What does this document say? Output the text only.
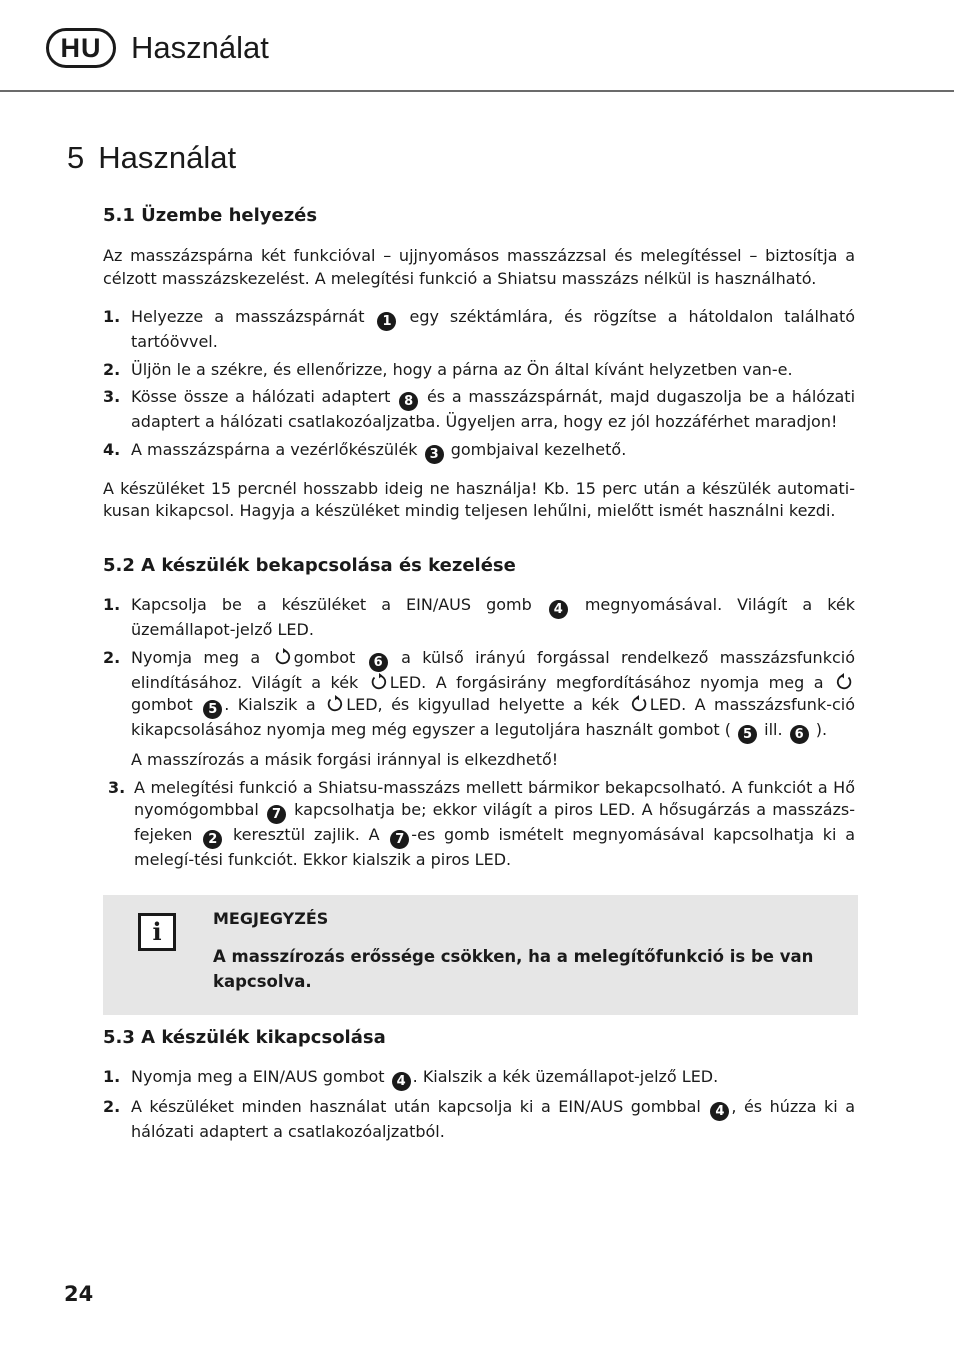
HU Használat
5 Használat
5.1 Üzembe helyezés

Az masszázspárna két funkcióval – ujjnyomásos masszázzsal és melegítéssel – biztosítja a célzott masszázskezelést. A melegítési funkció a Shiatsu masszázs nélkül is használható.

1. Helyezze a masszázspárnát 1 egy széktámlára, és rögzítse a hátoldalon található tartóövvel.
2. Üljön le a székre, és ellenőrizze, hogy a párna az Ön által kívánt helyzetben van-e.
3. Kösse össze a hálózati adaptert 8 és a masszázspárnát, majd dugaszolja be a hálózati adaptert a hálózati csatlakozóaljzatba. Ügyeljen arra, hogy ez jól hozzáférhet maradjon!
4. A masszázspárna a vezérlőkészülék 3 gombjaival kezelhető.

A készüléket 15 percnél hosszabb ideig ne használja! Kb. 15 perc után a készülék automati-kusan kikapcsol. Hagyja a készüléket mindig teljesen lehűlni, mielőtt ismét használni kezdi.

5.2 A készülék bekapcsolása és kezelése
1. Kapcsolja be a készüléket a EIN/AUS gomb 4 megnyomásával. Világít a kék üzemállapot-jelző LED.
2. Nyomja meg a gombot 6 a külső irányú forgással rendelkező masszázsfunkció elindításához. Világít a kék LED. A forgásirány megfordításához nyomja meg a gombot 5 . Kialszik a LED, és kigyullad helyette a kék LED. A masszázsfunk-ció kikapcsolásához nyomja meg még egyszer a legutoljára használt gombot ( 5 ill. 6 ).
A masszírozás a másik forgási iránnyal is elkezdhető!
3. A melegítési funkció a Shiatsu-masszázs mellett bármikor bekapcsolható. A funkciót a Hő nyomógombbal 7 kapcsolhatja be; ekkor világít a piros LED. A hősugárzás a masszázs-fejeken 2 keresztül zajlik. A 7 -es gomb ismételt megnyomásával kapcsolhatja ki a melegí-tési funkciót. Ekkor kialszik a piros LED.
i	MEGJEGYZÉS
A masszírozás erőssége csökken, ha a melegítőfunkció is be van kapcsolva.
5.3 A készülék kikapcsolása
1. Nyomja meg a EIN/AUS gombot 4 . Kialszik a kék üzemállapot-jelző LED.
2. A készüléket minden használat után kapcsolja ki a EIN/AUS gombbal 4 , és húzza ki a hálózati adaptert a csatlakozóaljzatból.
24
